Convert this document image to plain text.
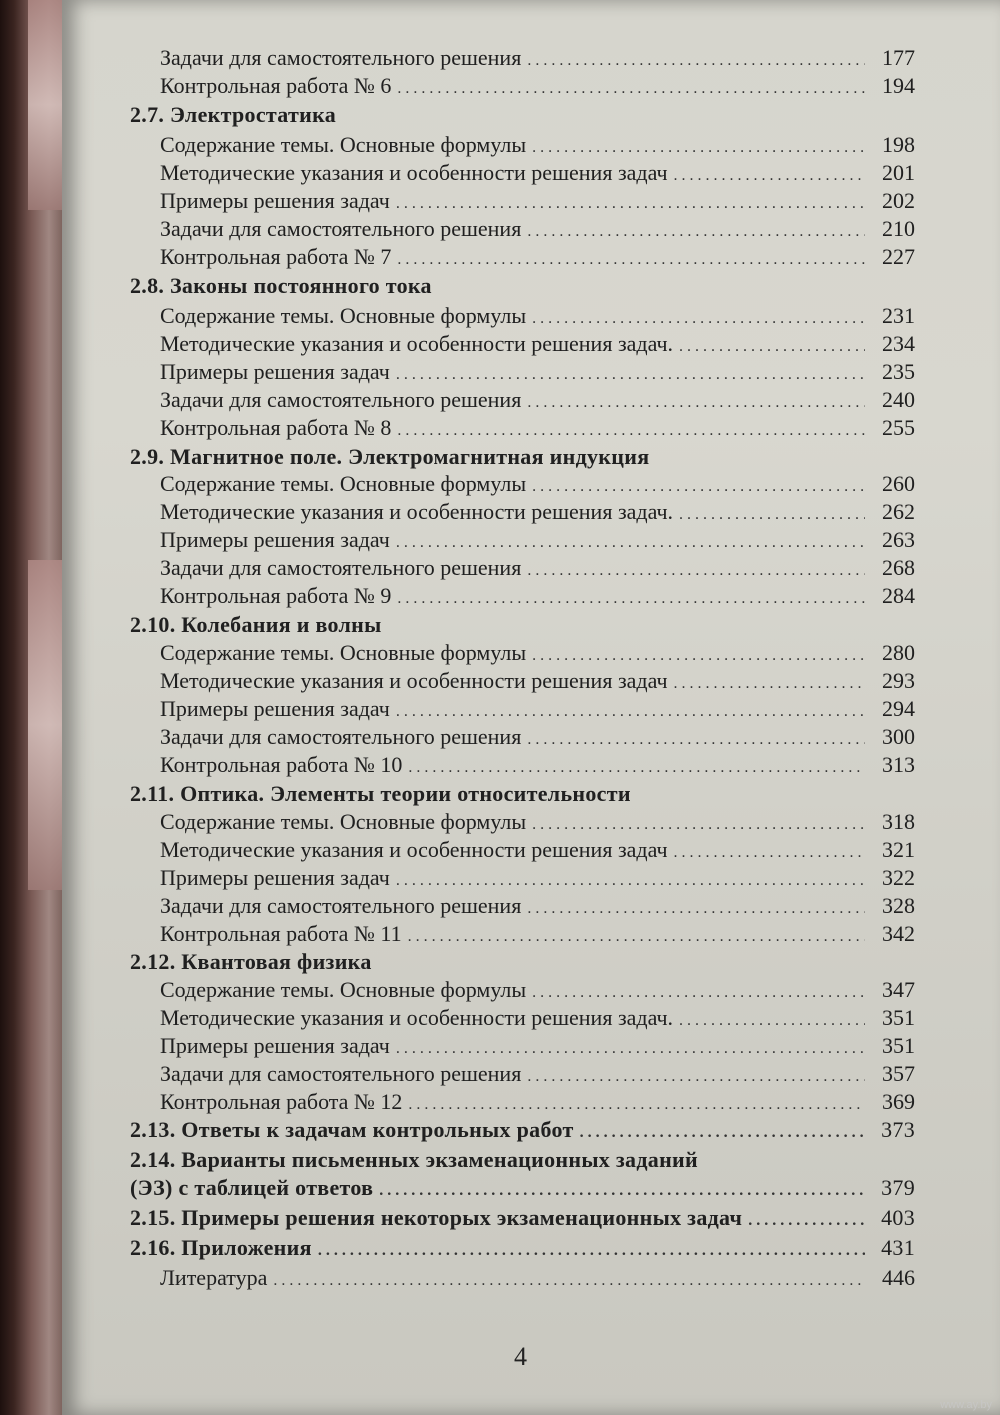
Задачи для самостоятельного решения . . .	177
Контрольная работа № 6 . . .	194
2.7. Электростатика
Содержание темы. Основные формулы . . .	198
Методические указания и особенности решения задач . . .	201
Примеры решения задач . . .	202
Задачи для самостоятельного решения . . .	210
Контрольная работа № 7 . . .	227
2.8. Законы постоянного тока
Содержание темы. Основные формулы . . .	231
Методические указания и особенности решения задач. . . .	234
Примеры решения задач . . .	235
Задачи для самостоятельного решения . . .	240
Контрольная работа № 8 . . .	255
2.9. Магнитное поле. Электромагнитная индукция
Содержание темы. Основные формулы . . .	260
Методические указания и особенности решения задач. . . .	262
Примеры решения задач . . .	263
Задачи для самостоятельного решения . . .	268
Контрольная работа № 9 . . .	284
2.10. Колебания и волны
Содержание темы. Основные формулы . . .	280
Методические указания и особенности решения задач . . .	293
Примеры решения задач . . .	294
Задачи для самостоятельного решения . . .	300
Контрольная работа № 10 . . .	313
2.11. Оптика. Элементы теории относительности
Содержание темы. Основные формулы . . .	318
Методические указания и особенности решения задач . . .	321
Примеры решения задач . . .	322
Задачи для самостоятельного решения . . .	328
Контрольная работа № 11 . . .	342
2.12. Квантовая физика
Содержание темы. Основные формулы . . .	347
Методические указания и особенности решения задач. . . .	351
Примеры решения задач . . .	351
Задачи для самостоятельного решения . . .	357
Контрольная работа № 12 . . .	369
2.13. Ответы к задачам контрольных работ . . .	373
2.14. Варианты письменных экзаменационных заданий
(ЭЗ) с таблицей ответов . . .	379
2.15. Примеры решения некоторых экзаменационных задач . . .	403
2.16. Приложения . . .	431
Литература . . .	446
4
www.ay.by
